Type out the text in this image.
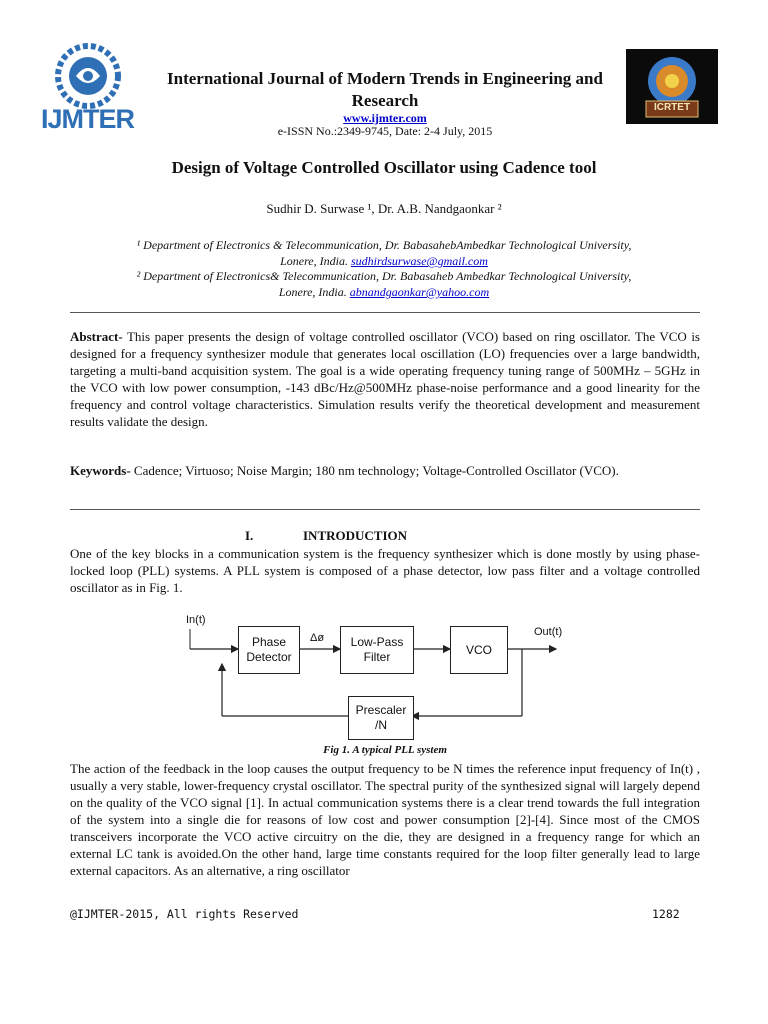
IJMTER	ICRTET
International Journal of Modern Trends in Engineering and Research
www.ijmter.com
e-ISSN No.:2349-9745, Date: 2-4 July, 2015
Design of Voltage Controlled Oscillator using Cadence tool
Sudhir D. Surwase ¹, Dr. A.B. Nandgaonkar ²
¹ Department of Electronics & Telecommunication, Dr. BabasahebAmbedkar Technological University, Lonere, India. sudhirdsurwase@gmail.com
² Department of Electronics& Telecommunication, Dr. Babasaheb Ambedkar Technological University, Lonere, India. abnandgaonkar@yahoo.com
Abstract- This paper presents the design of voltage controlled oscillator (VCO) based on ring oscillator. The VCO is designed for a frequency synthesizer module that generates local oscillation (LO) frequencies over a large bandwidth, targeting a multi-band acquisition system. The goal is a wide operating frequency tuning range of 500MHz – 5GHz in the VCO with low power consumption, -143 dBc/Hz@500MHz phase-noise performance and a good linearity for the frequency and control voltage characteristics. Simulation results verify the theoretical development and measurement results validate the design.
Keywords- Cadence; Virtuoso; Noise Margin; 180 nm technology; Voltage-Controlled Oscillator (VCO).
I.	INTRODUCTION
One of the key blocks in a communication system is the frequency synthesizer which is done mostly by using phase-locked loop (PLL) systems. A PLL system is composed of a phase detector, low pass filter and a voltage controlled oscillator as in Fig. 1.
In(t)
Out(t)
Δø
Phase Detector
Low-Pass Filter
VCO
Prescaler /N
Fig 1. A typical PLL system
The action of the feedback in the loop causes the output frequency to be N times the reference input frequency of In(t) , usually a very stable, lower-frequency crystal oscillator. The spectral purity of the synthesized signal will largely depend on the quality of the VCO signal [1]. In actual communication systems there is a clear trend towards the full integration of the system into a single die for reasons of low cost and power consumption [2]-[4]. Since most of the CMOS transceivers incorporate the VCO active circuitry on the die, they are designed in a frequency range for which an external LC tank is avoided.On the other hand, large time constants required for the loop filter generally lead to large external capacitors. As an alternative, a ring oscillator
@IJMTER-2015, All rights Reserved	1282
